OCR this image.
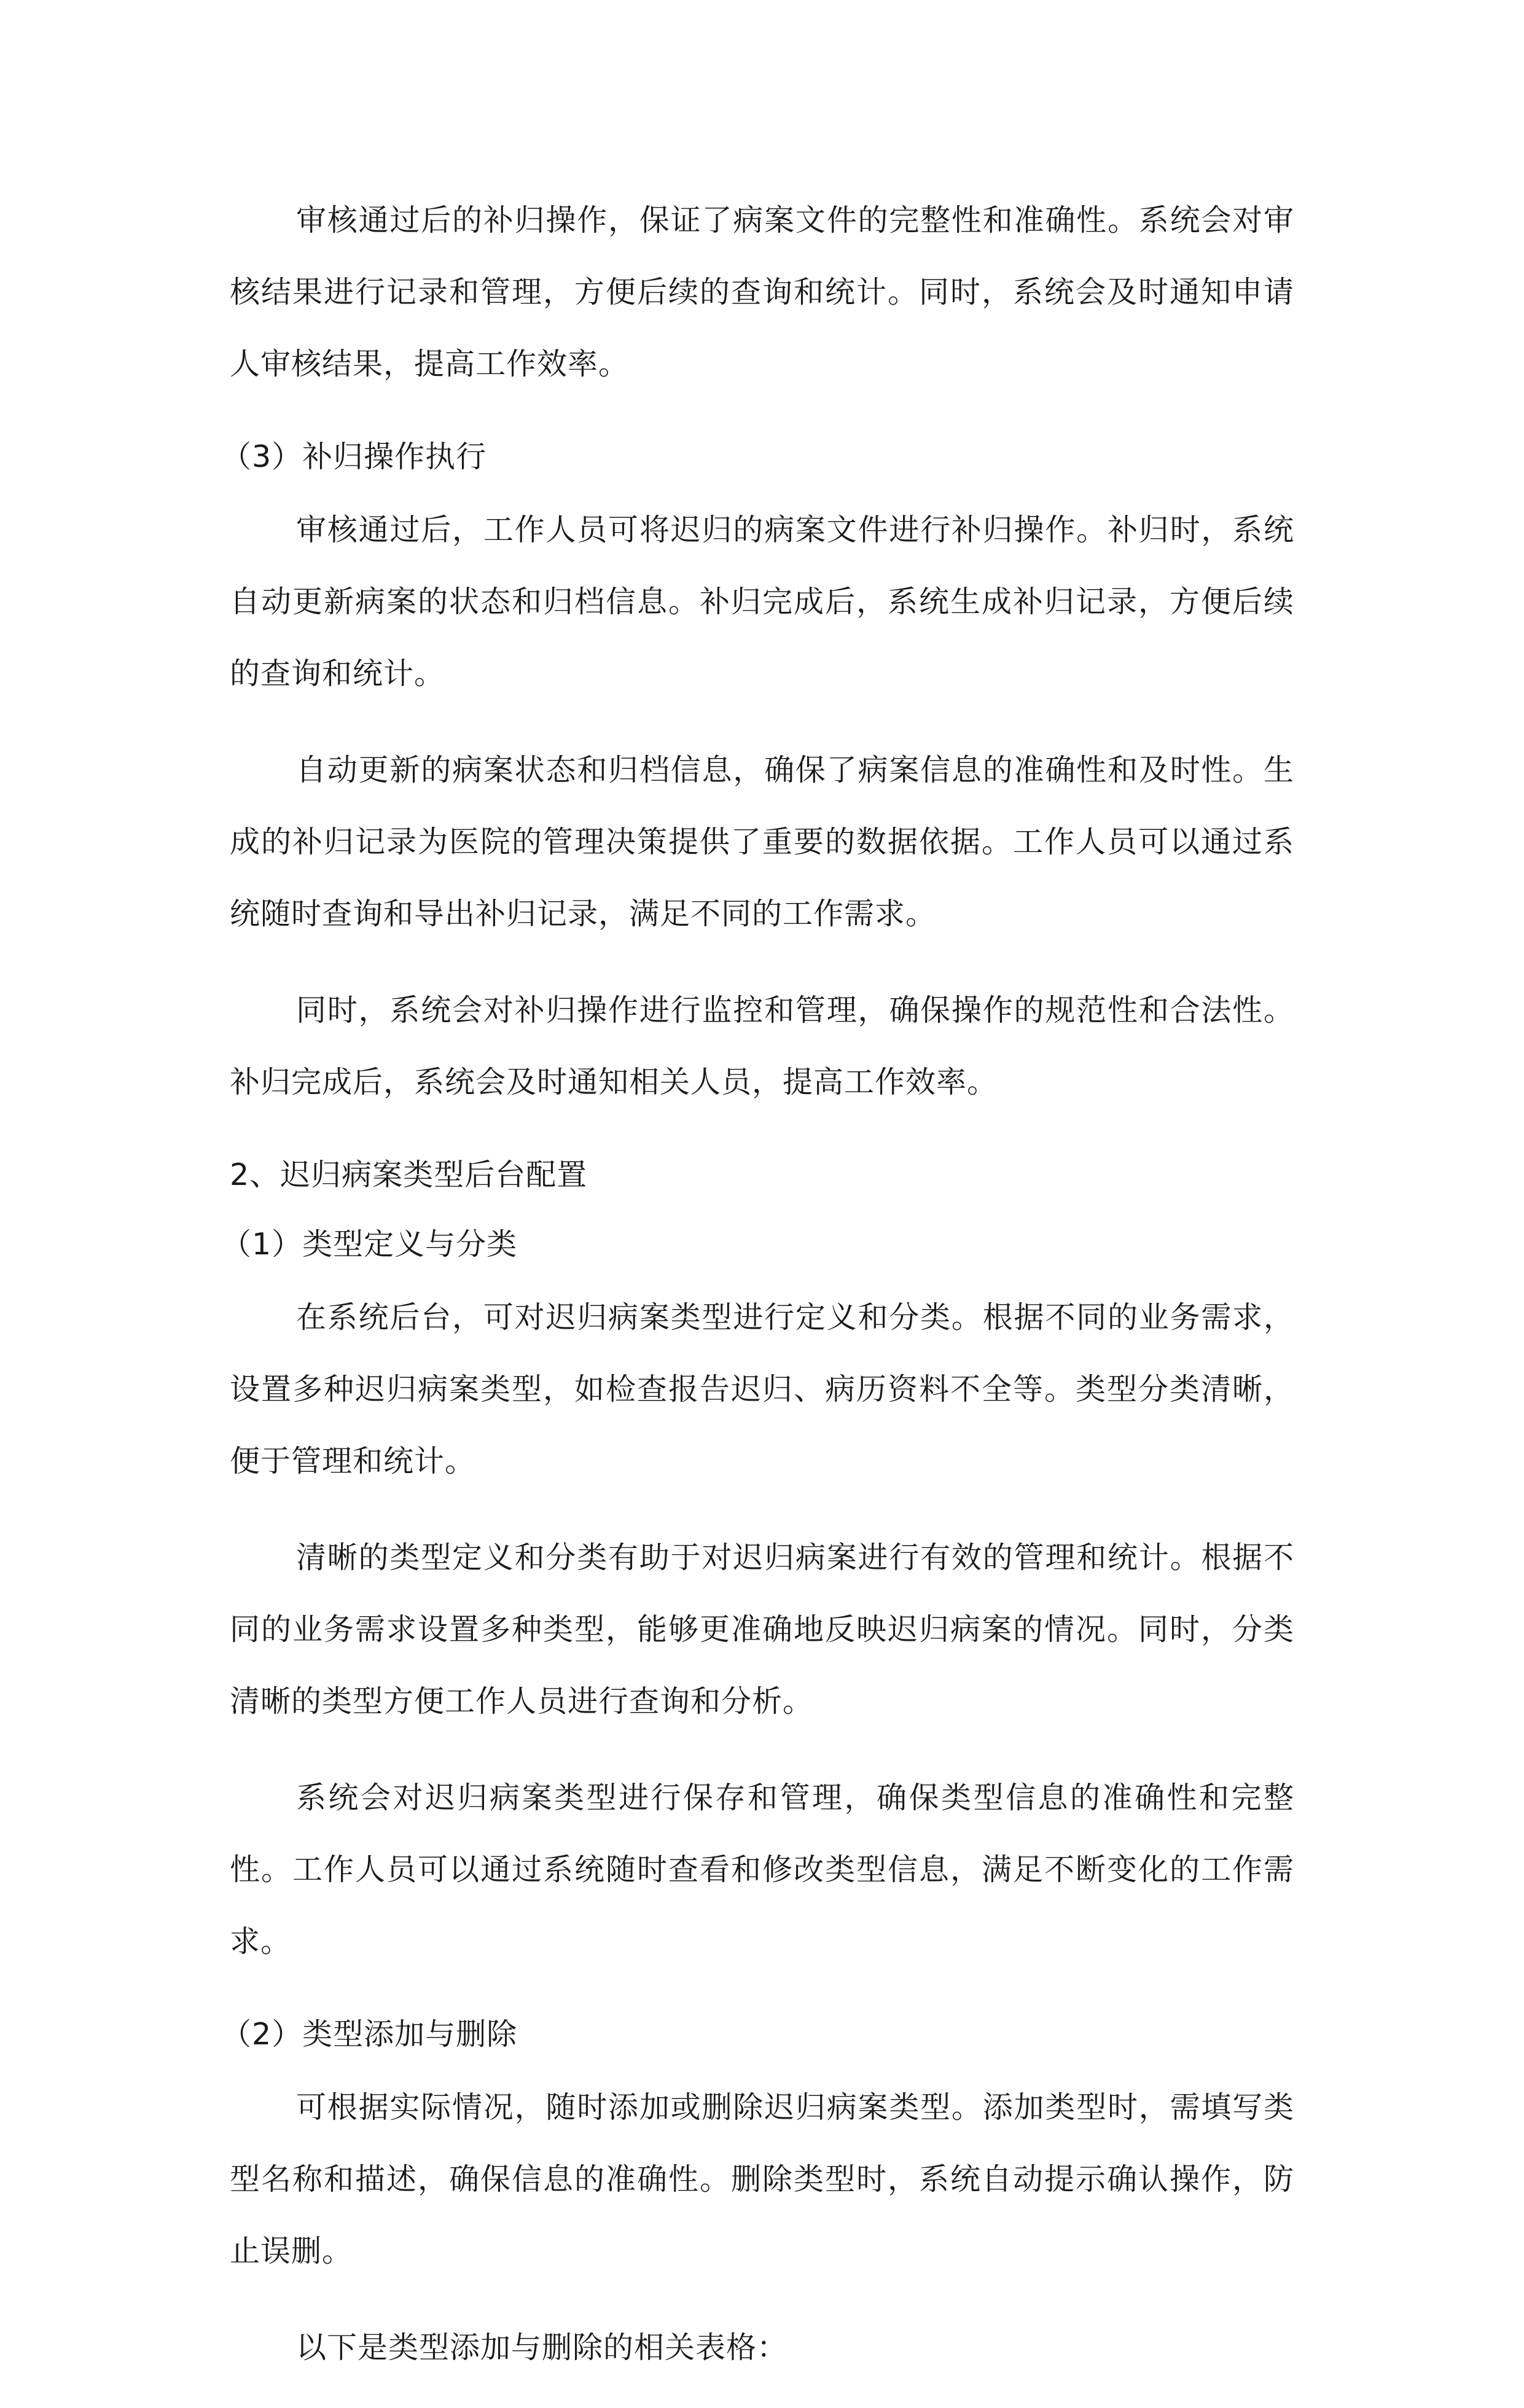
审核通过后的补归操作，保证了病案文件的完整性和准确性。系统会对审核结果进行记录和管理，方便后续的查询和统计。同时，系统会及时通知申请人审核结果，提高工作效率。

（3）补归操作执行

审核通过后，工作人员可将迟归的病案文件进行补归操作。补归时，系统自动更新病案的状态和归档信息。补归完成后，系统生成补归记录，方便后续的查询和统计。

自动更新的病案状态和归档信息，确保了病案信息的准确性和及时性。生成的补归记录为医院的管理决策提供了重要的数据依据。工作人员可以通过系统随时查询和导出补归记录，满足不同的工作需求。

同时，系统会对补归操作进行监控和管理，确保操作的规范性和合法性。补归完成后，系统会及时通知相关人员，提高工作效率。

2、迟归病案类型后台配置

（1）类型定义与分类

在系统后台，可对迟归病案类型进行定义和分类。根据不同的业务需求，设置多种迟归病案类型，如检查报告迟归、病历资料不全等。类型分类清晰，便于管理和统计。

清晰的类型定义和分类有助于对迟归病案进行有效的管理和统计。根据不同的业务需求设置多种类型，能够更准确地反映迟归病案的情况。同时，分类清晰的类型方便工作人员进行查询和分析。

系统会对迟归病案类型进行保存和管理，确保类型信息的准确性和完整性。工作人员可以通过系统随时查看和修改类型信息，满足不断变化的工作需求。

（2）类型添加与删除

可根据实际情况，随时添加或删除迟归病案类型。添加类型时，需填写类型名称和描述，确保信息的准确性。删除类型时，系统自动提示确认操作，防止误删。

以下是类型添加与删除的相关表格：
